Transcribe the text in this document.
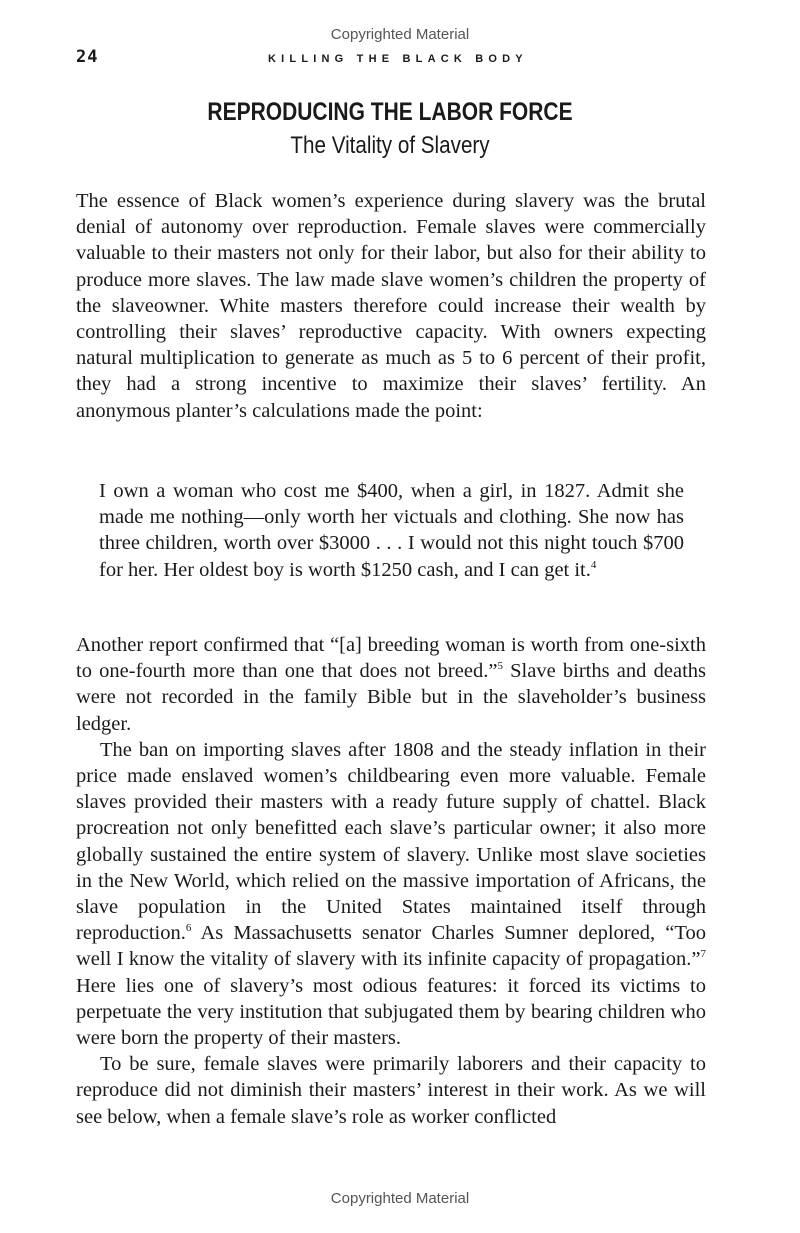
Copyrighted Material
24	KILLING THE BLACK BODY
REPRODUCING THE LABOR FORCE
The Vitality of Slavery

The essence of Black women’s experience during slavery was the brutal denial of autonomy over reproduction. Female slaves were commercially valuable to their masters not only for their labor, but also for their ability to produce more slaves. The law made slave women’s children the property of the slaveowner. White masters therefore could increase their wealth by controlling their slaves’ reproductive capacity. With owners expecting natural multiplication to generate as much as 5 to 6 percent of their profit, they had a strong incentive to maximize their slaves’ fertility. An anonymous planter’s calculations made the point:

I own a woman who cost me $400, when a girl, in 1827. Admit she made me nothing—only worth her victuals and clothing. She now has three children, worth over $3000 . . . I would not this night touch $700 for her. Her oldest boy is worth $1250 cash, and I can get it.$^4$

Another report confirmed that “[a] breeding woman is worth from one-sixth to one-fourth more than one that does not breed.”$^5$ Slave births and deaths were not recorded in the family Bible but in the slaveholder’s business ledger.

The ban on importing slaves after 1808 and the steady inflation in their price made enslaved women’s childbearing even more valuable. Female slaves provided their masters with a ready future supply of chattel. Black procreation not only benefitted each slave’s particular owner; it also more globally sustained the entire system of slavery. Unlike most slave societies in the New World, which relied on the massive importation of Africans, the slave population in the United States maintained itself through reproduction.$^6$ As Massachusetts senator Charles Sumner deplored, “Too well I know the vitality of slavery with its infinite capacity of propagation.”$^7$ Here lies one of slavery’s most odious features: it forced its victims to perpetuate the very institution that subjugated them by bearing children who were born the property of their masters.

To be sure, female slaves were primarily laborers and their capacity to reproduce did not diminish their masters’ interest in their work. As we will see below, when a female slave’s role as worker conflicted

Copyrighted Material
